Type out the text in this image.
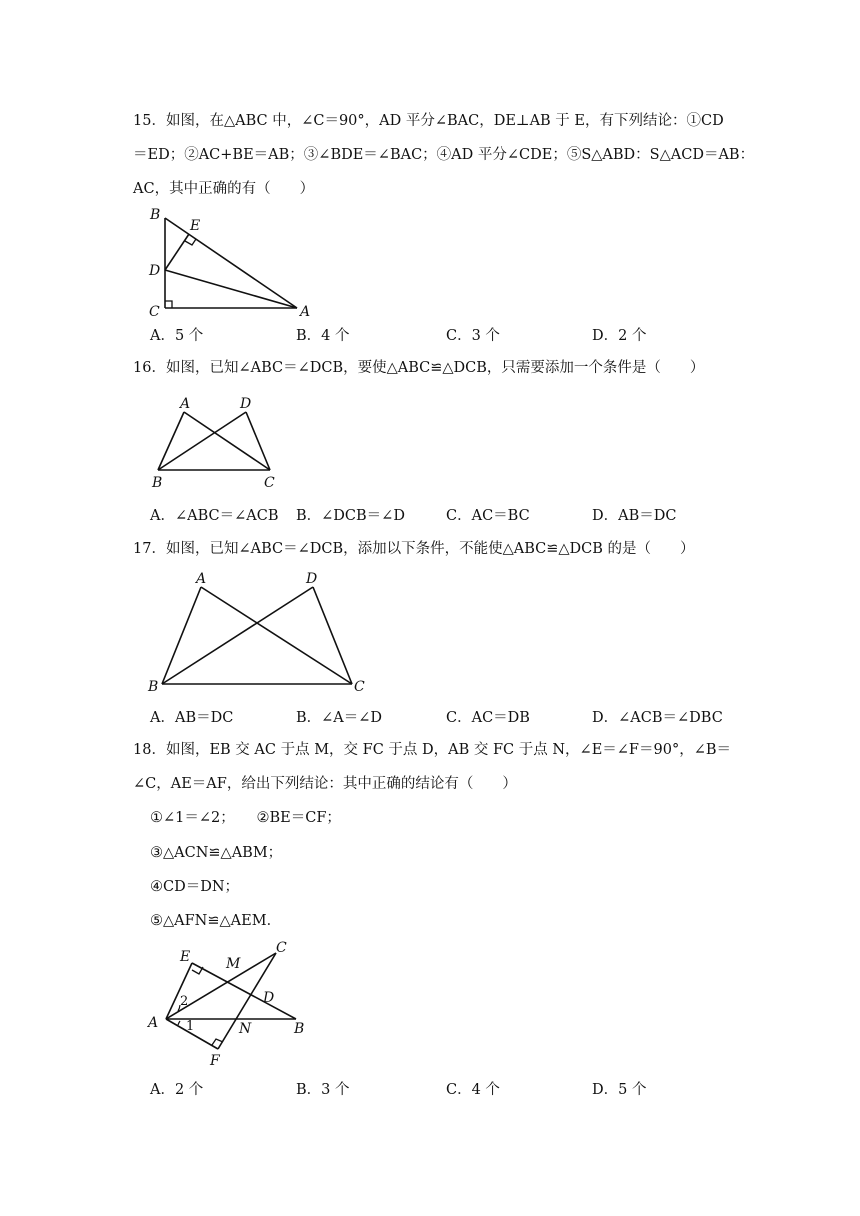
15．如图，在△ABC 中，∠C＝90°，AD 平分∠BAC，DE⊥AB 于 E，有下列结论：①CD
＝ED；②AC+BE＝AB；③∠BDE＝∠BAC；④AD 平分∠CDE；⑤S△ABD：S△ACD＝AB：
AC，其中正确的有（　　）
B
E
D
C	A
A．5 个	B．4 个	C．3 个	D．2 个
16．如图，已知∠ABC＝∠DCB，要使△ABC≌△DCB，只需要添加一个条件是（　　）
A	D
B	C
A．∠ABC＝∠ACB B．∠DCB＝∠D	C．AC＝BC	D．AB＝DC
17．如图，已知∠ABC＝∠DCB，添加以下条件，不能使△ABC≌△DCB 的是（　　）
A	D
B	C
A．AB＝DC	B．∠A＝∠D	C．AC＝DB	D．∠ACB＝∠DBC
18．如图，EB 交 AC 于点 M，交 FC 于点 D，AB 交 FC 于点 N，∠E＝∠F＝90°，∠B＝
∠C，AE＝AF，给出下列结论：其中正确的结论有（　　）
①∠1＝∠2；　　②BE＝CF；
③△ACN≌△ABM；
④CD＝DN；
⑤△AFN≌△AEM．
E	M
C
2	D
A 1	N	B
F
A．2 个	B．3 个	C．4 个	D．5 个
